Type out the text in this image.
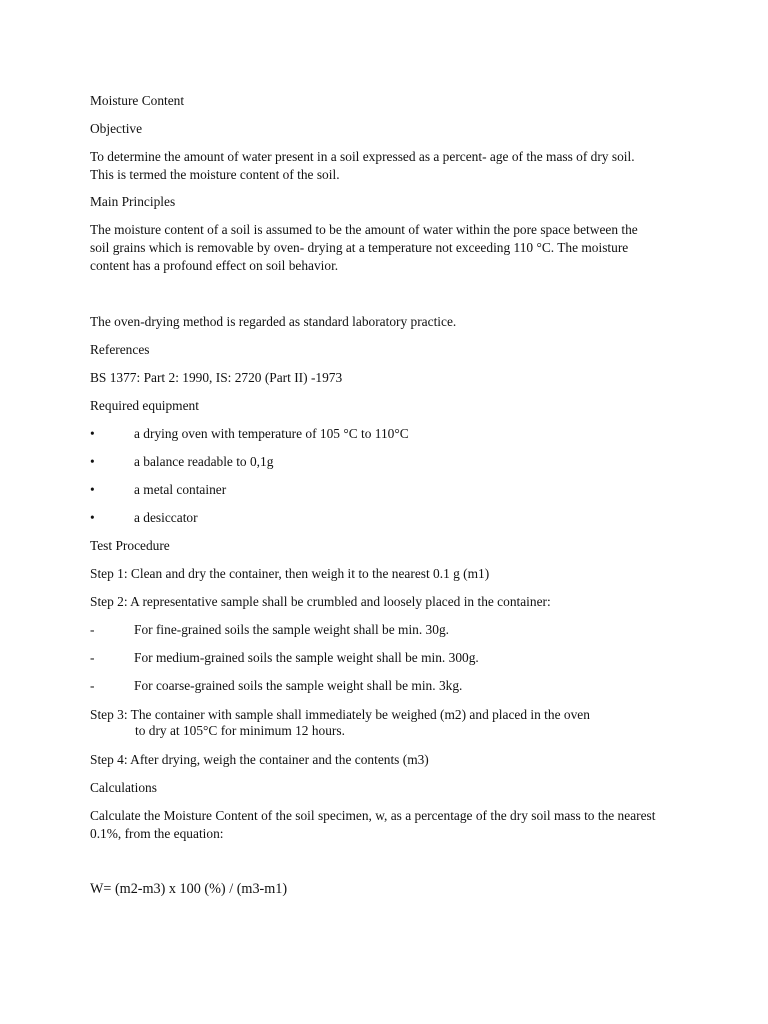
Moisture Content
Objective
To determine the amount of water present in a soil expressed as a percent- age of the mass of dry soil.
This is termed the moisture content of the soil.
Main Principles
The moisture content of a soil is assumed to be the amount of water within the pore space between the
soil grains which is removable by oven- drying at a temperature not exceeding 110 °C. The moisture
content has a profound effect on soil behavior.
The oven-drying method is regarded as standard laboratory practice.
References
BS 1377: Part 2: 1990, IS: 2720 (Part II) -1973
Required equipment
•	a drying oven with temperature of 105 °C to 110°C
•	a balance readable to 0,1g
•	a metal container
•	a desiccator
Test Procedure
Step 1: Clean and dry the container, then weigh it to the nearest 0.1 g (m1)
Step 2: A representative sample shall be crumbled and loosely placed in the container:
-	For fine-grained soils the sample weight shall be min. 30g.
-	For medium-grained soils the sample weight shall be min. 300g.
-	For coarse-grained soils the sample weight shall be min. 3kg.
Step 3: The container with sample shall immediately be weighed (m2) and placed in the oven
to dry at 105°C for minimum 12 hours.
Step 4: After drying, weigh the container and the contents (m3)
Calculations
Calculate the Moisture Content of the soil specimen, w, as a percentage of the dry soil mass to the nearest
0.1%, from the equation:
W= (m2-m3) x 100 (%) / (m3-m1)
